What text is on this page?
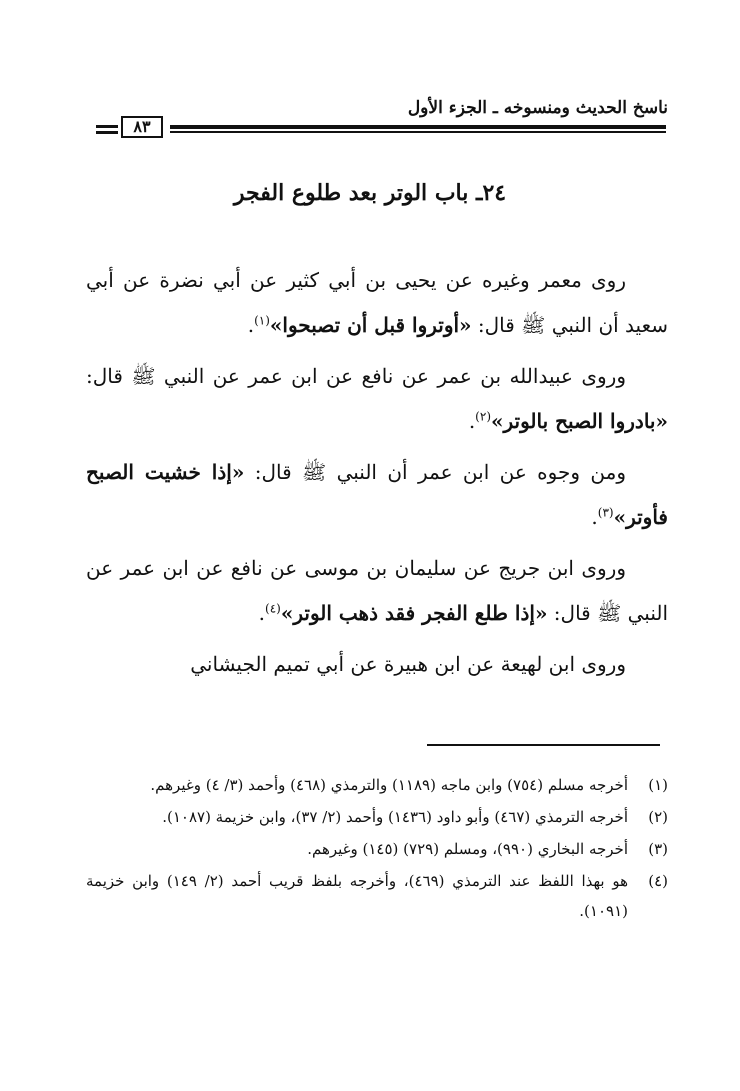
ناسخ الحديث ومنسوخه ـ الجزء الأول
٨٣
٢٤ـ باب الوتر بعد طلوع الفجر

روى معمر وغيره عن يحيى بن أبي كثير عن أبي نضرة عن أبي سعيد أن النبي ﷺ قال: «أوتروا قبل أن تصبحوا»$^{(١)}$.

وروى عبيدالله بن عمر عن نافع عن ابن عمر عن النبي ﷺ قال: «بادروا الصبح بالوتر»$^{(٢)}$.

ومن وجوه عن ابن عمر أن النبي ﷺ قال: «إذا خشيت الصبح فأوتر»$^{(٣)}$.

وروى ابن جريج عن سليمان بن موسى عن نافع عن ابن عمر عن النبي ﷺ قال: «إذا طلع الفجر فقد ذهب الوتر»$^{(٤)}$.

وروى ابن لهيعة عن ابن هبيرة عن أبي تميم الجيشاني

(١)
أخرجه مسلم (٧٥٤) وابن ماجه (١١٨٩) والترمذي (٤٦٨) وأحمد (٣/ ٤) وغيرهم.
(٢)
أخرجه الترمذي (٤٦٧) وأبو داود (١٤٣٦) وأحمد (٢/ ٣٧)، وابن خزيمة (١٠٨٧).
(٣)
أخرجه البخاري (٩٩٠)، ومسلم (٧٢٩) (١٤٥) وغيرهم.
(٤)
هو بهذا اللفظ عند الترمذي (٤٦٩)، وأخرجه بلفظ قريب أحمد (٢/ ١٤٩) وابن خزيمة (١٠٩١).
